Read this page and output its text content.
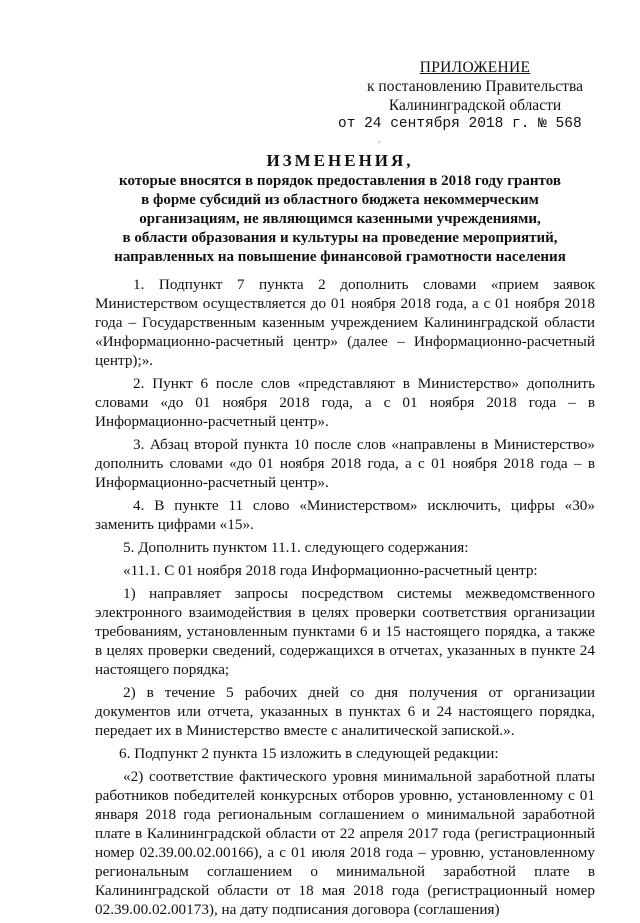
ПРИЛОЖЕНИЕ
к постановлению Правительства
Калининградской области
от 24 сентября 2018 г. № 568
`
ИЗМЕНЕНИЯ,
которые вносятся в порядок предоставления в 2018 году грантов
в форме субсидий из областного бюджета некоммерческим
организациям, не являющимся казенными учреждениями,
в области образования и культуры на проведение мероприятий,
направленных на повышение финансовой грамотности населения

1. Подпункт 7 пункта 2 дополнить словами «прием заявок Министерством осуществляется до 01 ноября 2018 года, а с 01 ноября 2018 года – Государственным казенным учреждением Калининградской области «Информационно-расчетный центр» (далее – Информационно-расчетный центр);».

2. Пункт 6 после слов «представляют в Министерство» дополнить словами «до 01 ноября 2018 года, а с 01 ноября 2018 года – в Информационно-расчетный центр».

3. Абзац второй пункта 10 после слов «направлены в Министерство» дополнить словами «до 01 ноября 2018 года, а с 01 ноября 2018 года – в Информационно-расчетный центр».

4. В пункте 11 слово «Министерством» исключить, цифры «30» заменить цифрами «15».

5. Дополнить пунктом 11.1. следующего содержания:

«11.1. С 01 ноября 2018 года Информационно-расчетный центр:

1) направляет запросы посредством системы межведомственного электронного взаимодействия в целях проверки соответствия организации требованиям, установленным пунктами 6 и 15 настоящего порядка, а также в целях проверки сведений, содержащихся в отчетах, указанных в пункте 24 настоящего порядка;

2) в течение 5 рабочих дней со дня получения от организации документов или отчета, указанных в пунктах 6 и 24 настоящего порядка, передает их в Министерство вместе с аналитической запиской.».

6. Подпункт 2 пункта 15 изложить в следующей редакции:

«2) соответствие фактического уровня минимальной заработной платы работников победителей конкурсных отборов уровню, установленному с 01 января 2018 года региональным соглашением о минимальной заработной плате в Калининградской области от 22 апреля 2017 года (регистрационный номер 02.39.00.02.00166), а с 01 июля 2018 года – уровню, установленному региональным соглашением о минимальной заработной плате в Калининградской области от 18 мая 2018 года (регистрационный номер 02.39.00.02.00173), на дату подписания договора (соглашения)
